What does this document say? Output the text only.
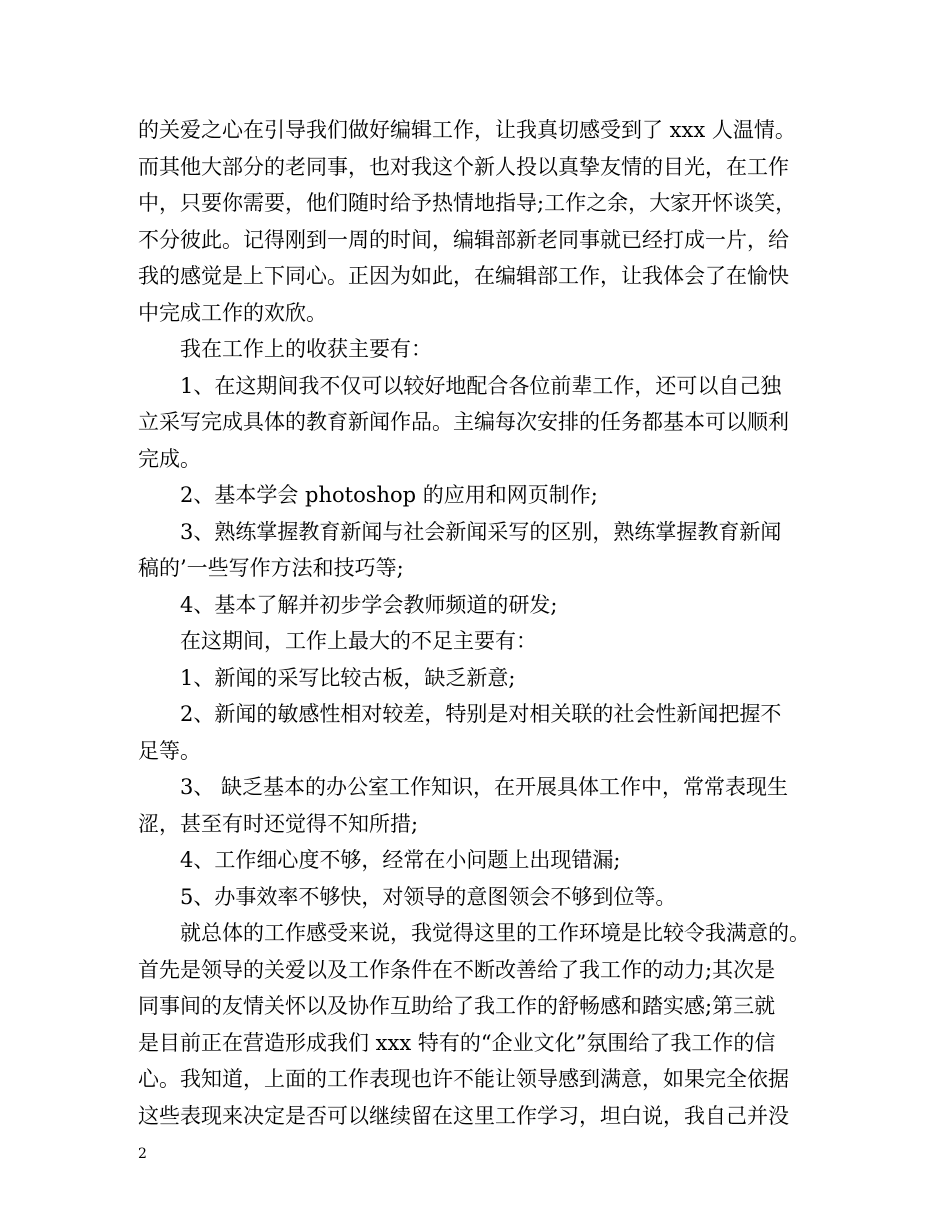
的关爱之心在引导我们做好编辑工作，让我真切感受到了 xxx 人温情。
而其他大部分的老同事，也对我这个新人投以真挚友情的目光，在工作
中，只要你需要，他们随时给予热情地指导;工作之余，大家开怀谈笑，
不分彼此。记得刚到一周的时间，编辑部新老同事就已经打成一片，给
我的感觉是上下同心。正因为如此，在编辑部工作，让我体会了在愉快
中完成工作的欢欣。
我在工作上的收获主要有：
1、在这期间我不仅可以较好地配合各位前辈工作，还可以自己独
立采写完成具体的教育新闻作品。主编每次安排的任务都基本可以顺利
完成。
2、基本学会 photoshop 的应用和网页制作;
3、熟练掌握教育新闻与社会新闻采写的区别，熟练掌握教育新闻
稿的’一些写作方法和技巧等;
4、基本了解并初步学会教师频道的研发;
在这期间，工作上最大的不足主要有：
1、新闻的采写比较古板，缺乏新意;
2、新闻的敏感性相对较差，特别是对相关联的社会性新闻把握不
足等。
3、 缺乏基本的办公室工作知识，在开展具体工作中，常常表现生
涩，甚至有时还觉得不知所措;
4、工作细心度不够，经常在小问题上出现错漏;
5、办事效率不够快，对领导的意图领会不够到位等。
就总体的工作感受来说，我觉得这里的工作环境是比较令我满意的。
首先是领导的关爱以及工作条件在不断改善给了我工作的动力;其次是
同事间的友情关怀以及协作互助给了我工作的舒畅感和踏实感;第三就
是目前正在营造形成我们 xxx 特有的“企业文化”氛围给了我工作的信
心。我知道，上面的工作表现也许不能让领导感到满意，如果完全依据
这些表现来决定是否可以继续留在这里工作学习，坦白说，我自己并没
2
